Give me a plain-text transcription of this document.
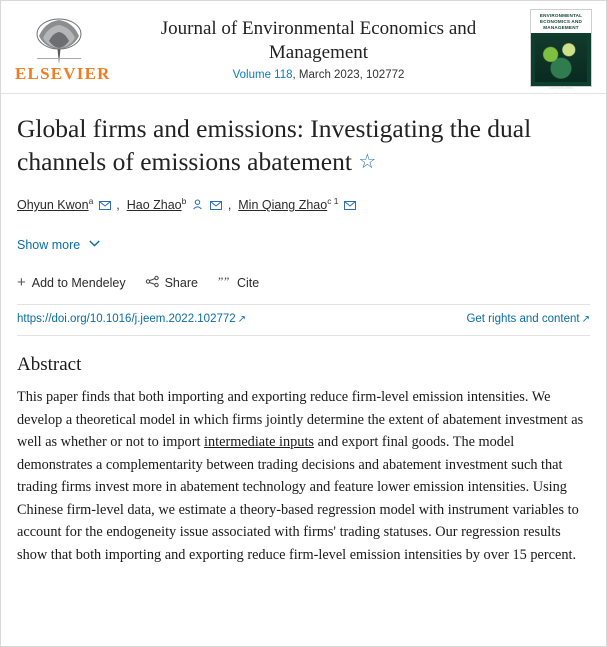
ELSEVIER
Journal of Environmental Economics and Management
Volume 118, March 2023, 102772
ENVIRONMENTAL
ECONOMICS AND
MANAGEMENT
ScienceDirect
Global firms and emissions: Investigating the dual channels of emissions abatement ☆
Ohyun Kwon$^a$ ,  Hao Zhao$^b$	,  Min Qiang Zhao$^{c 1}$
Show more
+ Add to Mendeley	Share ” ” Cite
https://doi.org/10.1016/j.jeem.2022.102772 ↗	Get rights and content ↗
Abstract
This paper finds that both importing and exporting reduce firm-level emission intensities. We develop a theoretical model in which firms jointly determine the extent of abatement investment as well as whether or not to import intermediate inputs and export final goods. The model demonstrates a complementarity between trading decisions and abatement investment such that trading firms invest more in abatement technology and feature lower emission intensities. Using Chinese firm-level data, we estimate a theory-based regression model with instrument variables to account for the endogeneity issue associated with firms' trading statuses. Our regression results show that both importing and exporting reduce firm-level emission intensities by over 15 percent.
